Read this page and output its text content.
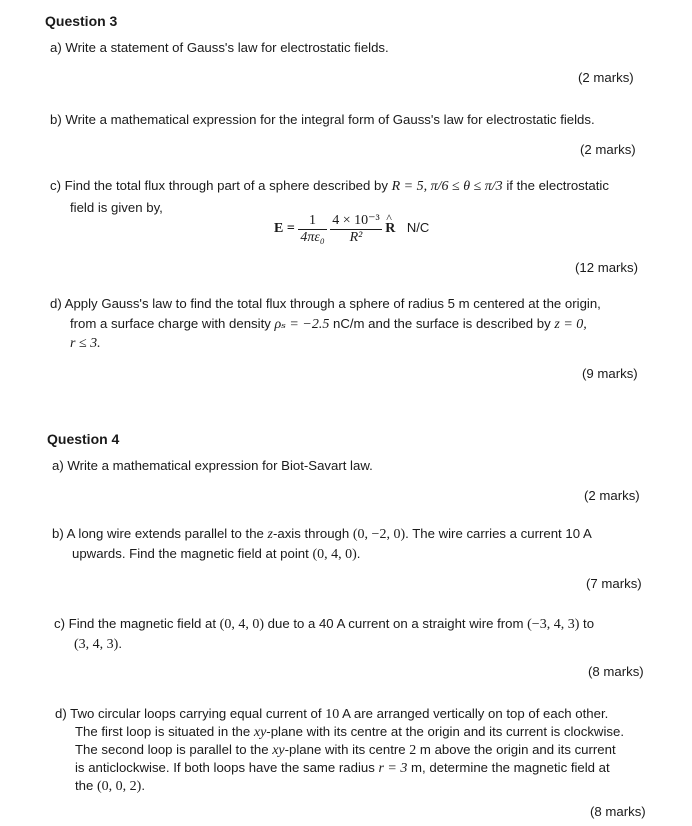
Question 3
a) Write a statement of Gauss's law for electrostatic fields.
(2 marks)
b) Write a mathematical expression for the integral form of Gauss's law for electrostatic fields.
(2 marks)
c) Find the total flux through part of a sphere described by R = 5, π/6 ≤ θ ≤ π/3 if the electrostatic
field is given by,
$E = \frac{1}{\text{4πε₀}}$
$\frac{\text{4 × 10⁻³}}{\text{R²}}$
^ R N/C
(12 marks)
d) Apply Gauss's law to find the total flux through a sphere of radius 5 m centered at the origin,
from a surface charge with density ρₛ = −2.5 nC/m and the surface is described by z = 0,
r ≤ 3.
(9 marks)
Question 4
a) Write a mathematical expression for Biot-Savart law.
(2 marks)
b) A long wire extends parallel to the z-axis through (0, −2, 0). The wire carries a current 10 A
upwards. Find the magnetic field at point (0, 4, 0).
(7 marks)
c) Find the magnetic field at (0, 4, 0) due to a 40 A current on a straight wire from (−3, 4, 3) to
(3, 4, 3).
(8 marks)
d) Two circular loops carrying equal current of 10 A are arranged vertically on top of each other.
The first loop is situated in the xy-plane with its centre at the origin and its current is clockwise.
The second loop is parallel to the xy-plane with its centre 2 m above the origin and its current
is anticlockwise. If both loops have the same radius r = 3 m, determine the magnetic field at
the (0, 0, 2).
(8 marks)
